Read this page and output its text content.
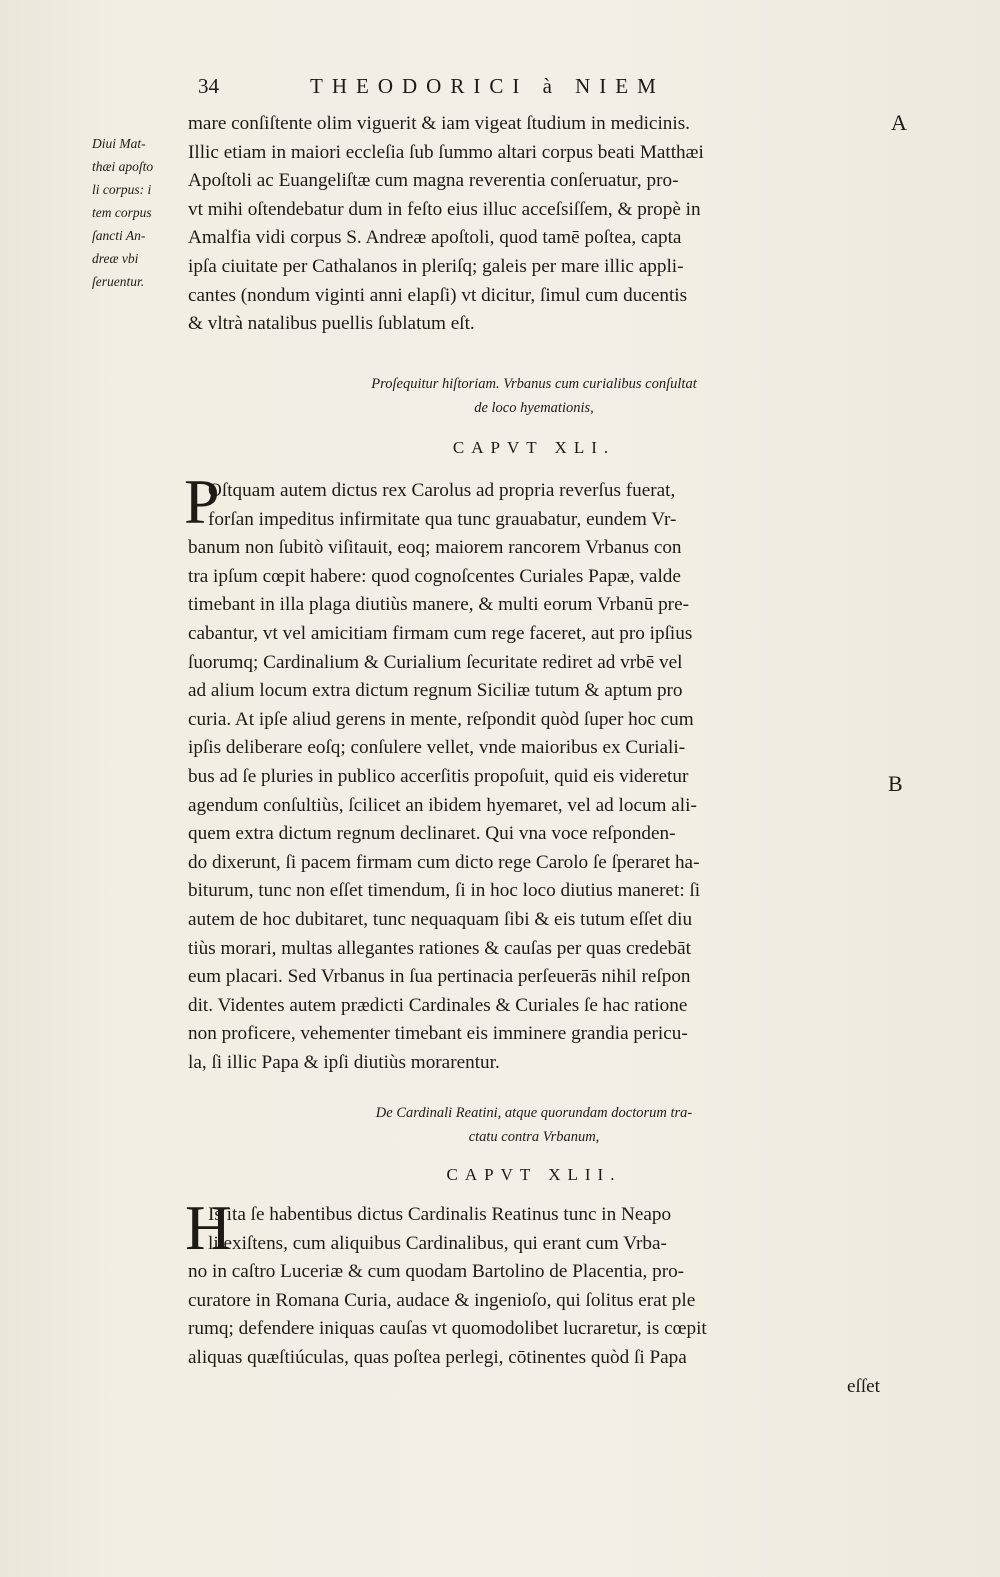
34	THEODORICI à NIEM
Diui Mat-
thæi apoſto
li corpus: i
tem corpus
ſancti An-
dreæ vbi
ſeruentur.
A
B
mare conſiſtente olim viguerit & iam vigeat ſtudium in medicinis.
Illic etiam in maiori eccleſia ſub ſummo altari corpus beati Matthæi
Apoſtoli ac Euangeliſtæ cum magna reverentia conſeruatur, pro-
vt mihi oſtendebatur dum in feſto eius illuc acceſsiſſem, & propè in
Amalfia vidi corpus S. Andreæ apoſtoli, quod tamē poſtea, capta
ipſa ciuitate per Cathalanos in pleriſq; galeis per mare illic appli-
cantes (nondum viginti anni elapſi) vt dicitur, ſimul cum ducentis
& vltrà natalibus puellis ſublatum eſt.
Proſequitur hiſtoriam. Vrbanus cum curialibus conſultat
de loco hyemationis,
CAPVT XLI.
P
Oſtquam autem dictus rex Carolus ad propria reverſus fuerat,
forſan impeditus infirmitate qua tunc grauabatur, eundem Vr-
banum non ſubitò viſitauit, eoq; maiorem rancorem Vrbanus con
tra ipſum cœpit habere: quod cognoſcentes Curiales Papæ, valde
timebant in illa plaga diutiùs manere, & multi eorum Vrbanū pre-
cabantur, vt vel amicitiam firmam cum rege faceret, aut pro ipſius
ſuorumq; Cardinalium & Curialium ſecuritate rediret ad vrbē vel
ad alium locum extra dictum regnum Siciliæ tutum & aptum pro
curia. At ipſe aliud gerens in mente, reſpondit quòd ſuper hoc cum
ipſis deliberare eoſq; conſulere vellet, vnde maioribus ex Curiali-
bus ad ſe pluries in publico accerſitis propoſuit, quid eis videretur
agendum conſultiùs, ſcilicet an ibidem hyemaret, vel ad locum ali-
quem extra dictum regnum declinaret. Qui vna voce reſponden-
do dixerunt, ſi pacem firmam cum dicto rege Carolo ſe ſperaret ha-
biturum, tunc non eſſet timendum, ſi in hoc loco diutius maneret: ſi
autem de hoc dubitaret, tunc nequaquam ſibi & eis tutum eſſet diu
tiùs morari, multas allegantes rationes & cauſas per quas credebāt
eum placari. Sed Vrbanus in ſua pertinacia perſeuerās nihil reſpon
dit. Videntes autem prædicti Cardinales & Curiales ſe hac ratione
non proficere, vehementer timebant eis imminere grandia pericu-
la, ſi illic Papa & ipſi diutiùs morarentur.
De Cardinali Reatini, atque quorundam doctorum tra-
ctatu contra Vrbanum,
CAPVT XLII.
H
Is ita ſe habentibus dictus Cardinalis Reatinus tunc in Neapo
li exiſtens, cum aliquibus Cardinalibus, qui erant cum Vrba-
no in caſtro Luceriæ & cum quodam Bartolino de Placentia, pro-
curatore in Romana Curia, audace & ingenioſo, qui ſolitus erat ple
rumq; defendere iniquas cauſas vt quomodolibet lucraretur, is cœpit
aliquas quæſtiúculas, quas poſtea perlegi, cōtinentes quòd ſi Papa
eſſet
